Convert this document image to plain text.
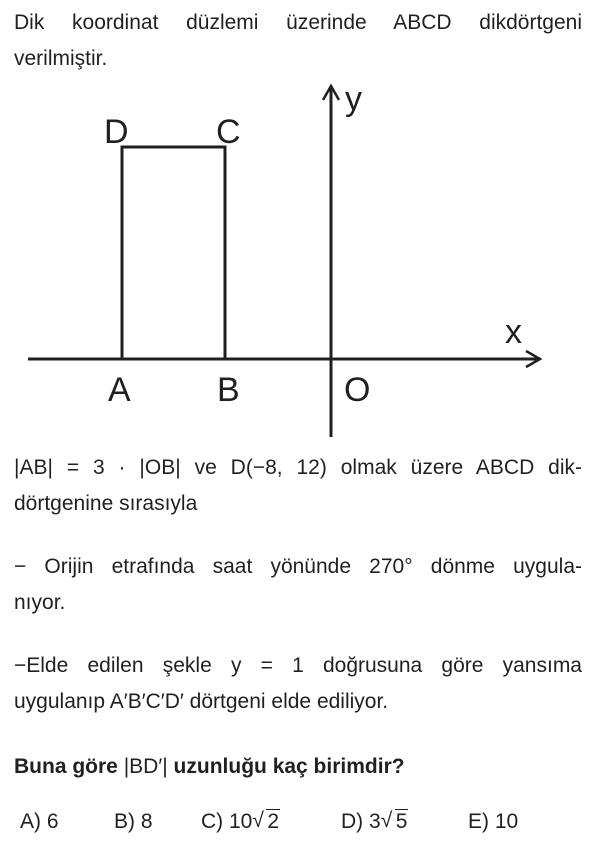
Dik koordinat düzlemi üzerinde ABCD dikdörtgeni
verilmiştir.
D	C
A	B	O
x
y
|AB| = 3 · |OB| ve D(−8, 12) olmak üzere ABCD dik-
dörtgenine sırasıyla
− Orijin etrafında saat yönünde 270° dönme uygula-
nıyor.
−Elde edilen şekle y = 1 doğrusuna göre yansıma
uygulanıp A′B′C′D′ dörtgeni elde ediliyor.
Buna göre |BD′| uzunluğu kaç birimdir?
A) 6	B) 8 C) 10 √ 2	D) 3 √ 5	E) 10
